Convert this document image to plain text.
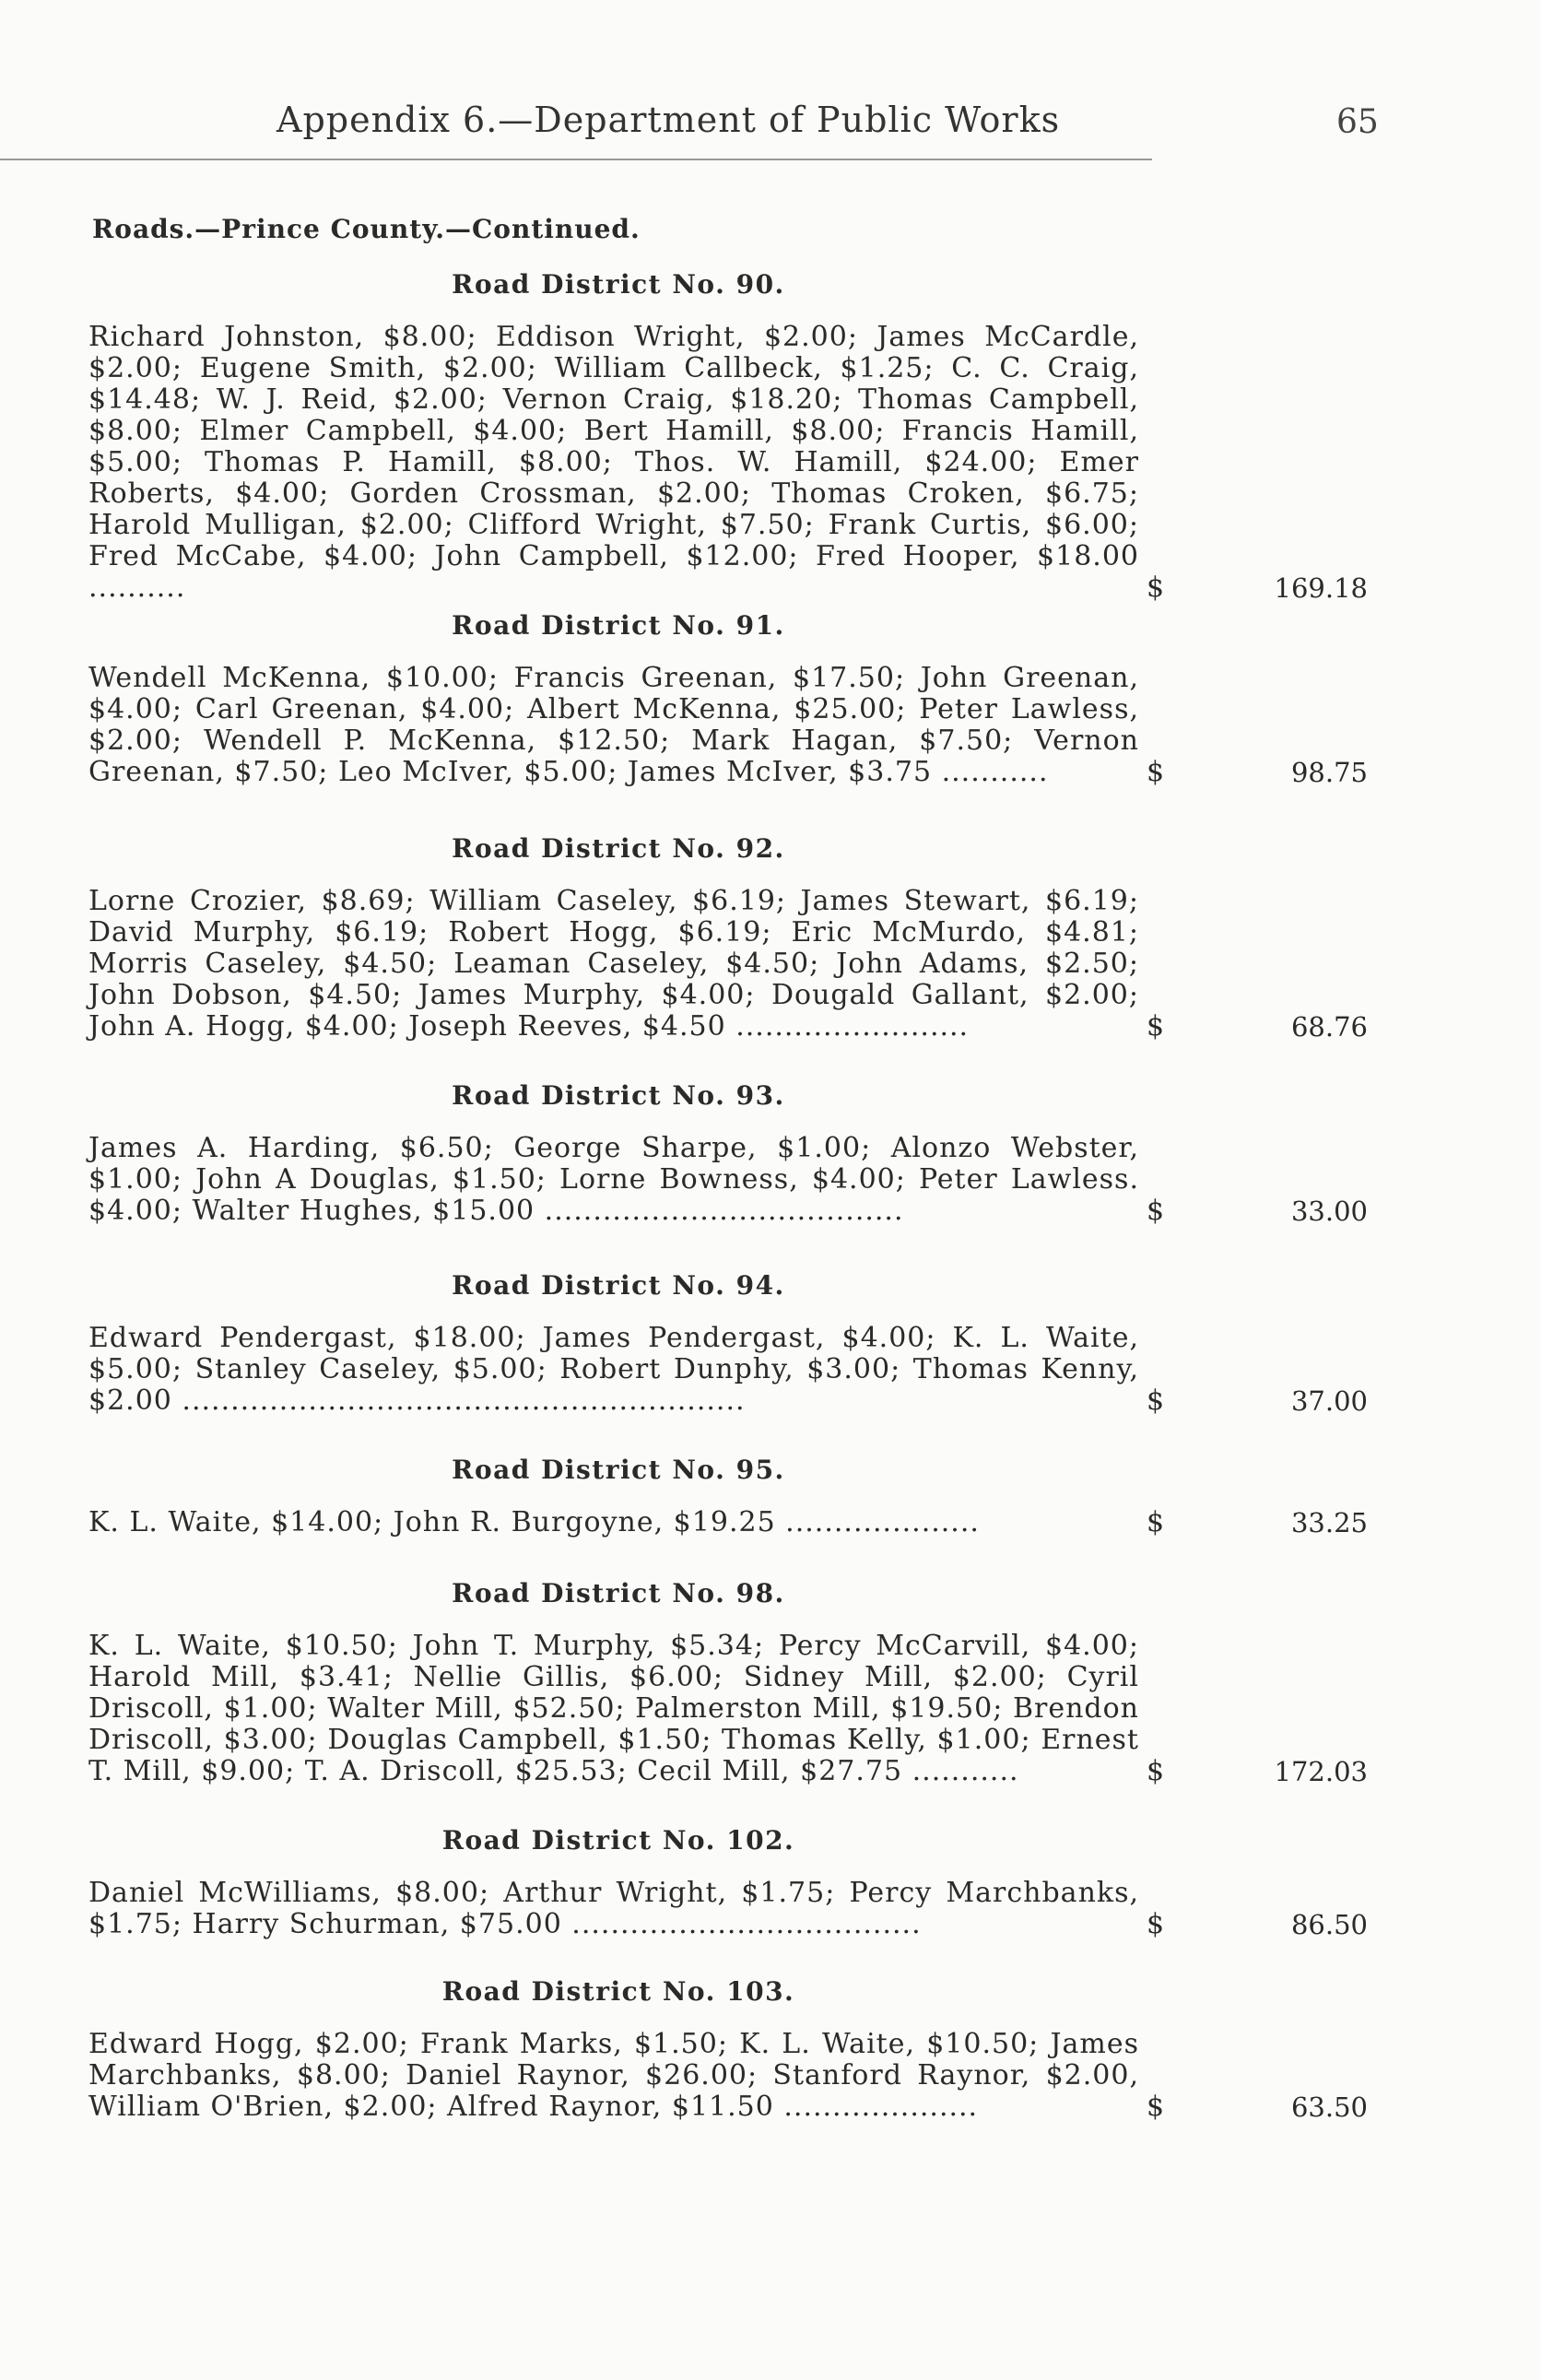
Appendix 6.—Department of Public Works	65
Roads.—Prince County.—Continued.
Road District No. 90.
Richard Johnston, $8.00; Eddison Wright, $2.00; James McCardle, $2.00; Eugene Smith, $2.00; William Callbeck, $1.25; C. C. Craig, $14.48; W. J. Reid, $2.00; Vernon Craig, $18.20; Thomas Campbell, $8.00; Elmer Campbell, $4.00; Bert Hamill, $8.00; Francis Hamill, $5.00; Thomas P. Hamill, $8.00; Thos. W. Hamill, $24.00; Emer Roberts, $4.00; Gorden Crossman, $2.00; Thomas Croken, $6.75; Harold Mulligan, $2.00; Clifford Wright, $7.50; Frank Curtis, $6.00; Fred McCabe, $4.00; John Campbell, $12.00; Fred Hooper, $18.00 ..........	$	169.18
Road District No. 91.
Wendell McKenna, $10.00; Francis Greenan, $17.50; John Greenan, $4.00; Carl Greenan, $4.00; Albert McKenna, $25.00; Peter Lawless, $2.00; Wendell P. McKenna, $12.50; Mark Hagan, $7.50; Vernon Greenan, $7.50; Leo McIver, $5.00; James McIver, $3.75 ...........	$	98.75
Road District No. 92.
Lorne Crozier, $8.69; William Caseley, $6.19; James Stewart, $6.19; David Murphy, $6.19; Robert Hogg, $6.19; Eric McMurdo, $4.81; Morris Caseley, $4.50; Leaman Caseley, $4.50; John Adams, $2.50; John Dobson, $4.50; James Murphy, $4.00; Dougald Gallant, $2.00; John A. Hogg, $4.00; Joseph Reeves, $4.50 ........................	$	68.76
Road District No. 93.
James A. Harding, $6.50; George Sharpe, $1.00; Alonzo Webster, $1.00; John A Douglas, $1.50; Lorne Bowness, $4.00; Peter Lawless. $4.00; Walter Hughes, $15.00 .....................................	$	33.00
Road District No. 94.
Edward Pendergast, $18.00; James Pendergast, $4.00; K. L. Waite, $5.00; Stanley Caseley, $5.00; Robert Dunphy, $3.00; Thomas Kenny, $2.00 ..........................................................	$	37.00
Road District No. 95.
K. L. Waite, $14.00; John R. Burgoyne, $19.25 ....................	$	33.25
Road District No. 98.
K. L. Waite, $10.50; John T. Murphy, $5.34; Percy McCarvill, $4.00; Harold Mill, $3.41; Nellie Gillis, $6.00; Sidney Mill, $2.00; Cyril Driscoll, $1.00; Walter Mill, $52.50; Palmerston Mill, $19.50; Brendon Driscoll, $3.00; Douglas Campbell, $1.50; Thomas Kelly, $1.00; Ernest T. Mill, $9.00; T. A. Driscoll, $25.53; Cecil Mill, $27.75 ...........	$	172.03
Road District No. 102.
Daniel McWilliams, $8.00; Arthur Wright, $1.75; Percy Marchbanks, $1.75; Harry Schurman, $75.00 ....................................	$	86.50
Road District No. 103.
Edward Hogg, $2.00; Frank Marks, $1.50; K. L. Waite, $10.50; James Marchbanks, $8.00; Daniel Raynor, $26.00; Stanford Raynor, $2.00, William O'Brien, $2.00; Alfred Raynor, $11.50 ....................	$	63.50
